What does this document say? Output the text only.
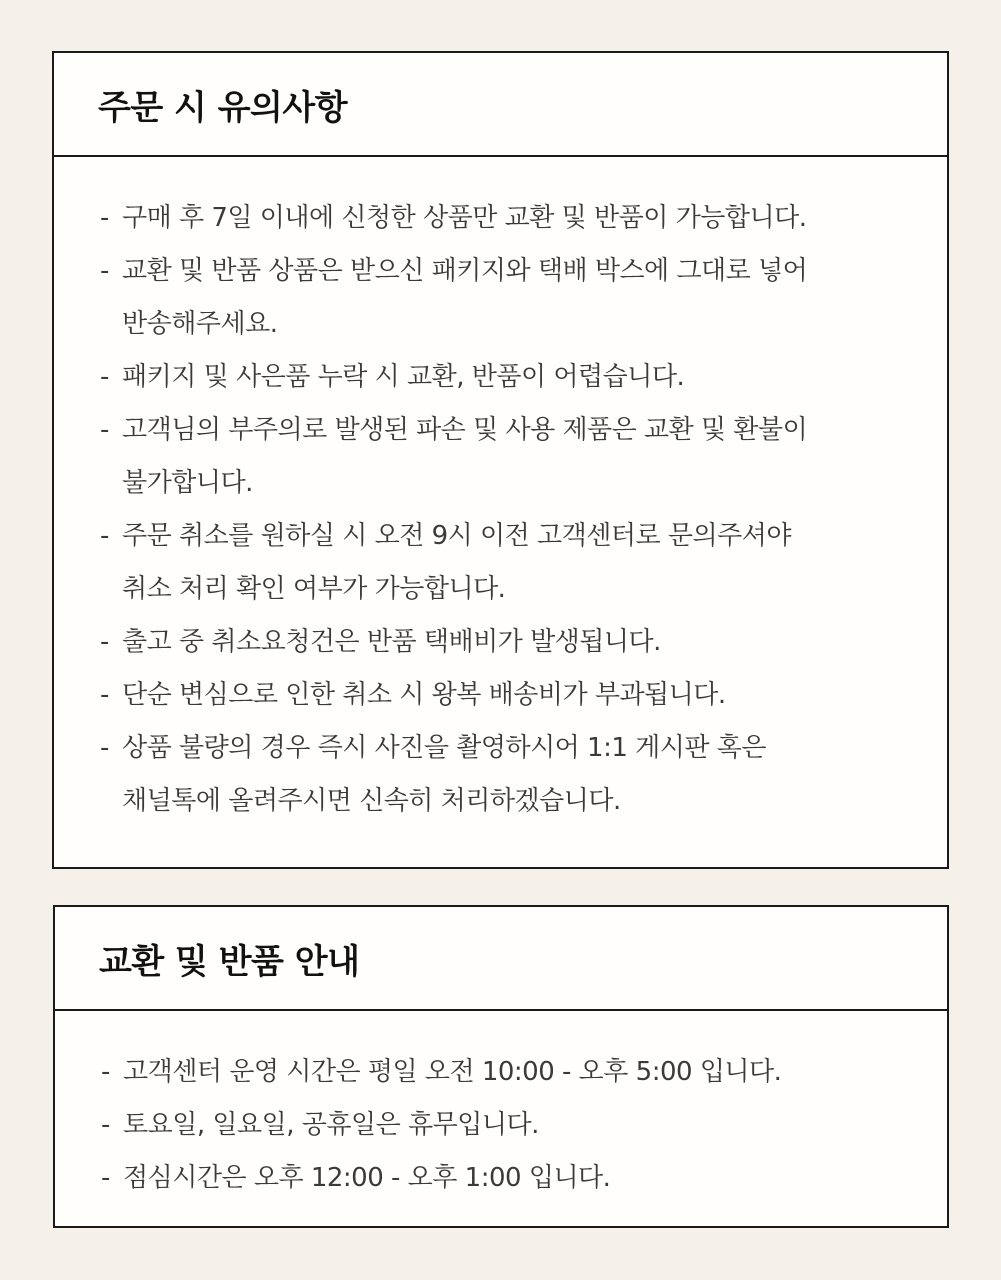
주문 시 유의사항
- 구매 후 7일 이내에 신청한 상품만 교환 및 반품이 가능합니다.
- 교환 및 반품 상품은 받으신 패키지와 택배 박스에 그대로 넣어
반송해주세요.
- 패키지 및 사은품 누락 시 교환, 반품이 어렵습니다.
- 고객님의 부주의로 발생된 파손 및 사용 제품은 교환 및 환불이
불가합니다.
- 주문 취소를 원하실 시 오전 9시 이전 고객센터로 문의주셔야
취소 처리 확인 여부가 가능합니다.
- 출고 중 취소요청건은 반품 택배비가 발생됩니다.
- 단순 변심으로 인한 취소 시 왕복 배송비가 부과됩니다.
- 상품 불량의 경우 즉시 사진을 촬영하시어 1:1 게시판 혹은
채널톡에 올려주시면 신속히 처리하겠습니다.
교환 및 반품 안내
- 고객센터 운영 시간은 평일 오전 10:00 - 오후 5:00 입니다.
- 토요일, 일요일, 공휴일은 휴무입니다.
- 점심시간은 오후 12:00 - 오후 1:00 입니다.
